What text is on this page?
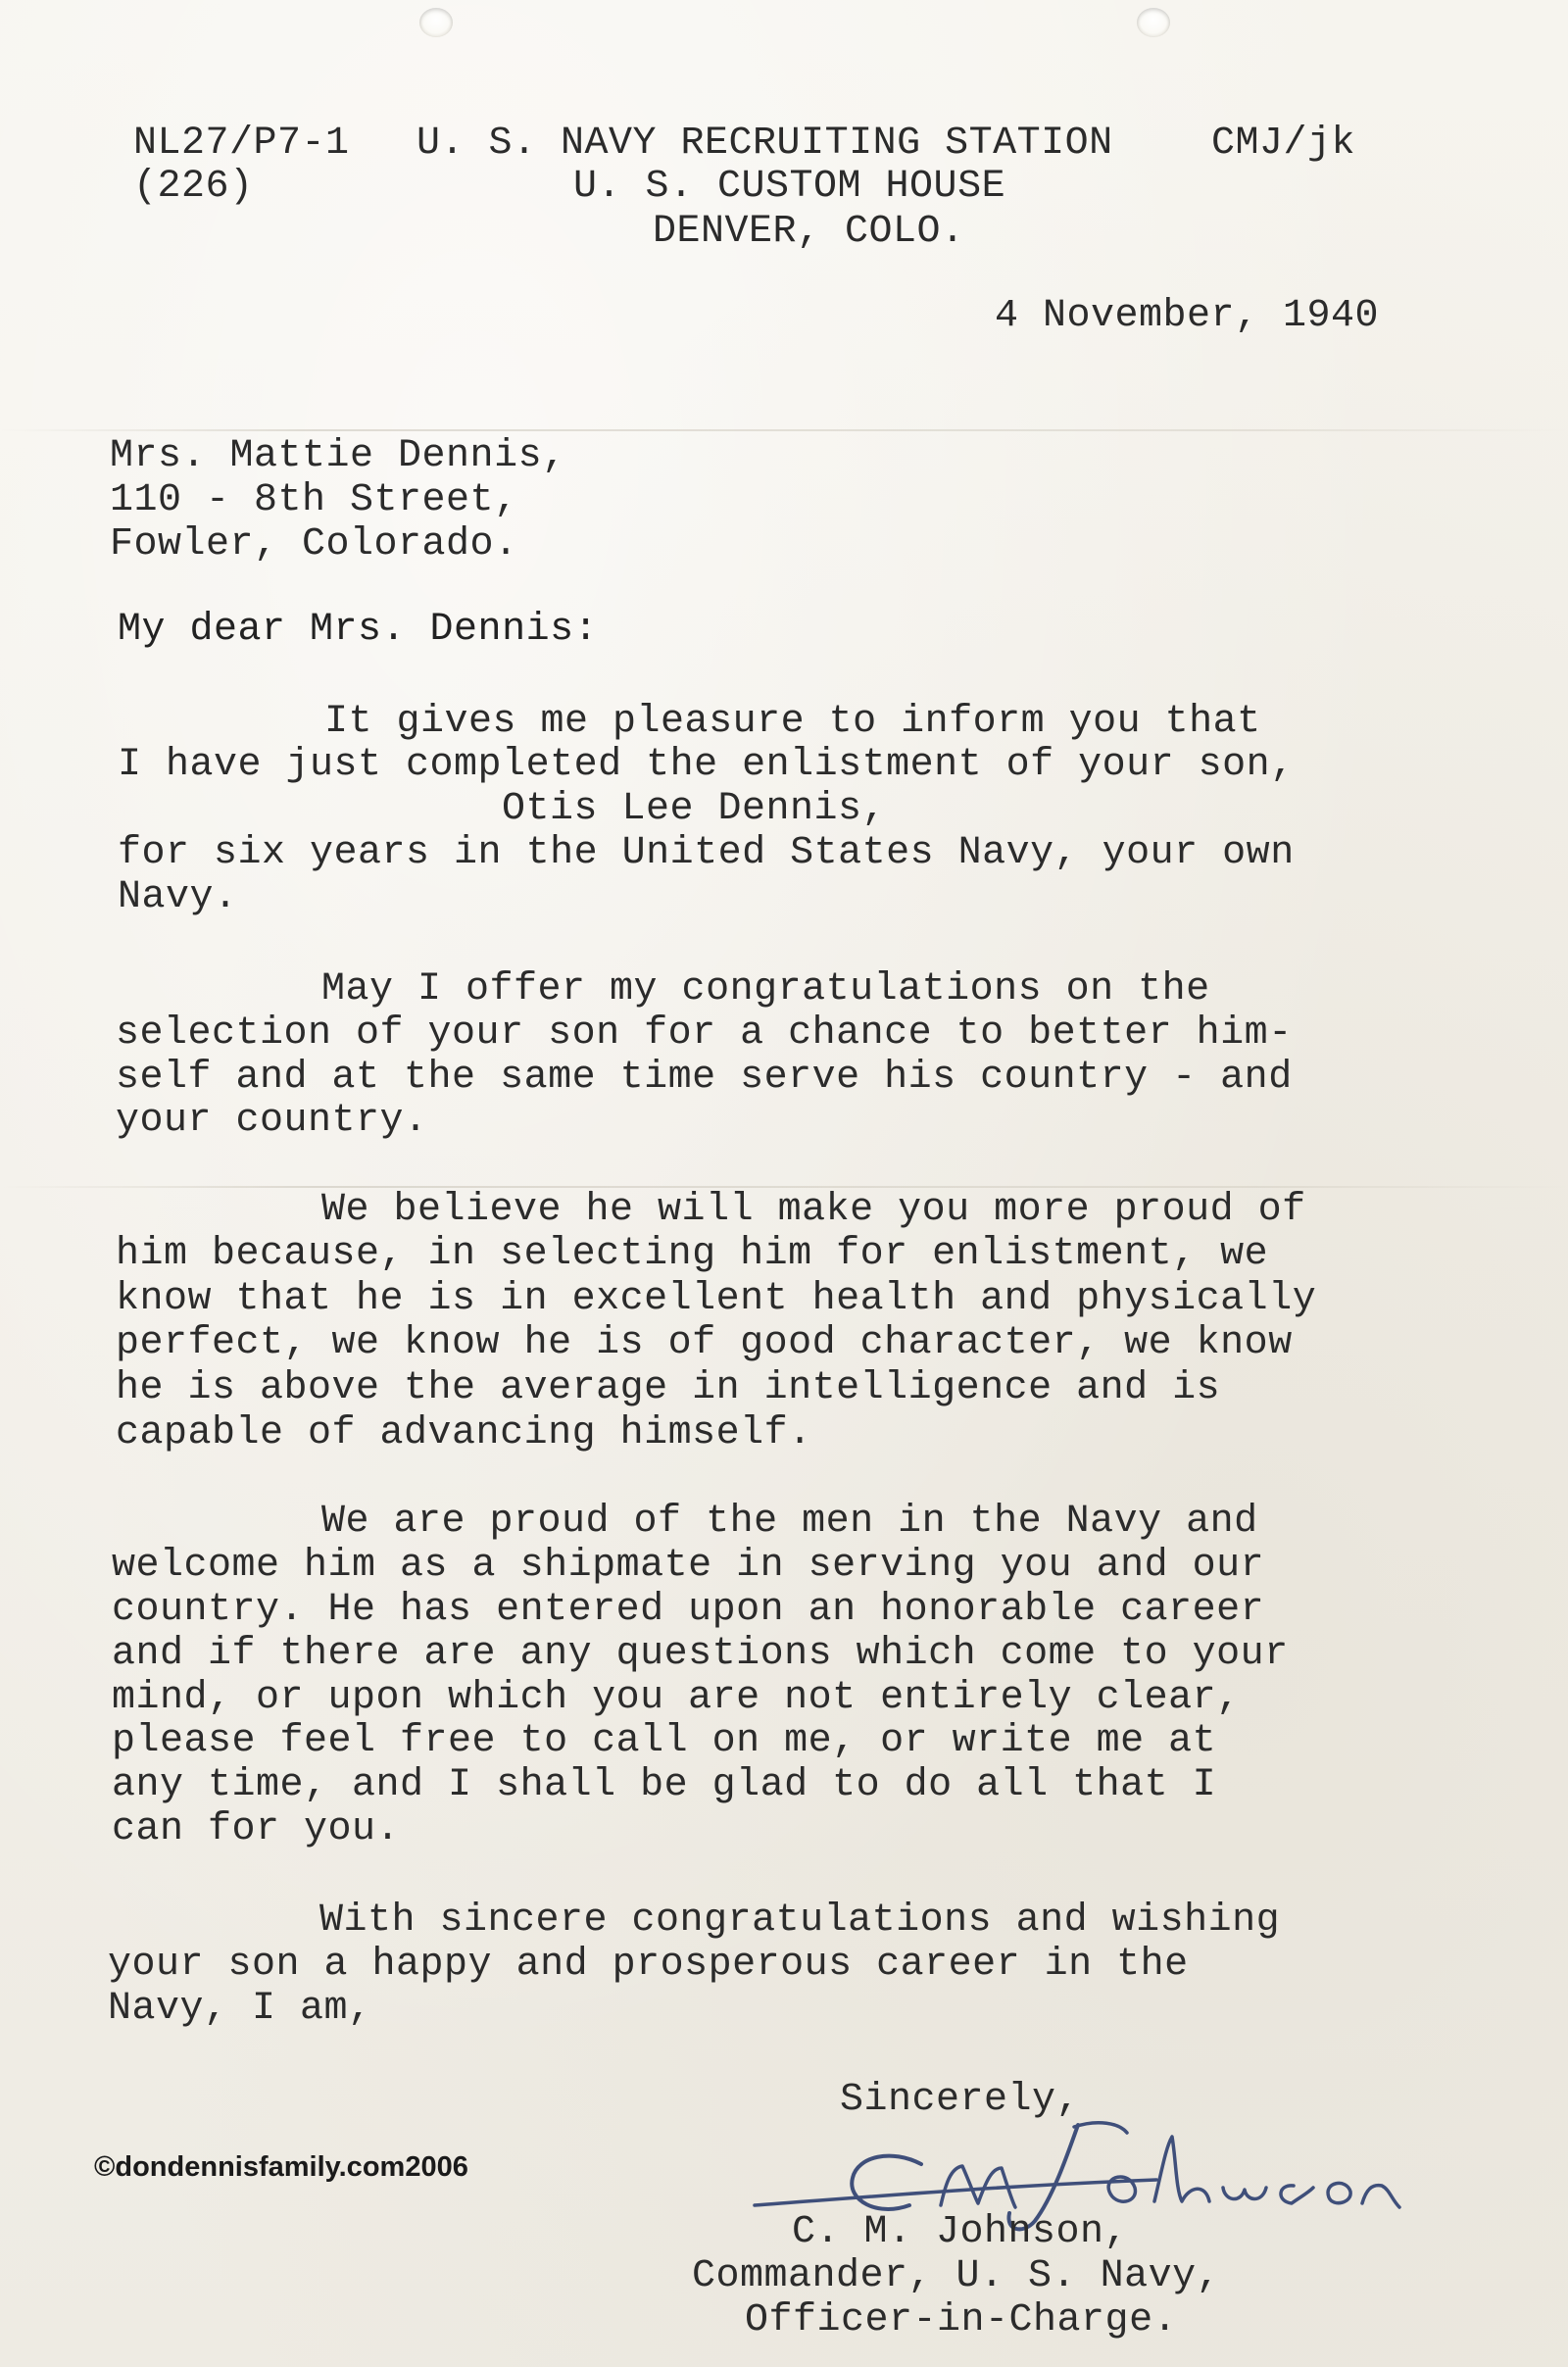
NL27/P7-1
(226)
U. S. NAVY RECRUITING STATION	CMJ/jk
U. S. CUSTOM HOUSE
DENVER, COLO.
4 November, 1940
Mrs. Mattie Dennis,
110 - 8th Street,
Fowler, Colorado.
My dear Mrs. Dennis:
It gives me pleasure to inform you that
I have just completed the enlistment of your son,
Otis Lee Dennis,
for six years in the United States Navy, your own
Navy.
May I offer my congratulations on the
selection of your son for a chance to better him-
self and at the same time serve his country - and
your country.
We believe he will make you more proud of
him because, in selecting him for enlistment, we
know that he is in excellent health and physically
perfect, we know he is of good character, we know
he is above the average in intelligence and is
capable of advancing himself.
We are proud of the men in the Navy and
welcome him as a shipmate in serving you and our
country. He has entered upon an honorable career
and if there are any questions which come to your
mind, or upon which you are not entirely clear,
please feel free to call on me, or write me at
any time, and I shall be glad to do all that I
can for you.
With sincere congratulations and wishing
your son a happy and prosperous career in the
Navy, I am,
Sincerely,
C. M. Johnson,
Commander, U. S. Navy,
Officer-in-Charge.
©dondennisfamily.com2006
